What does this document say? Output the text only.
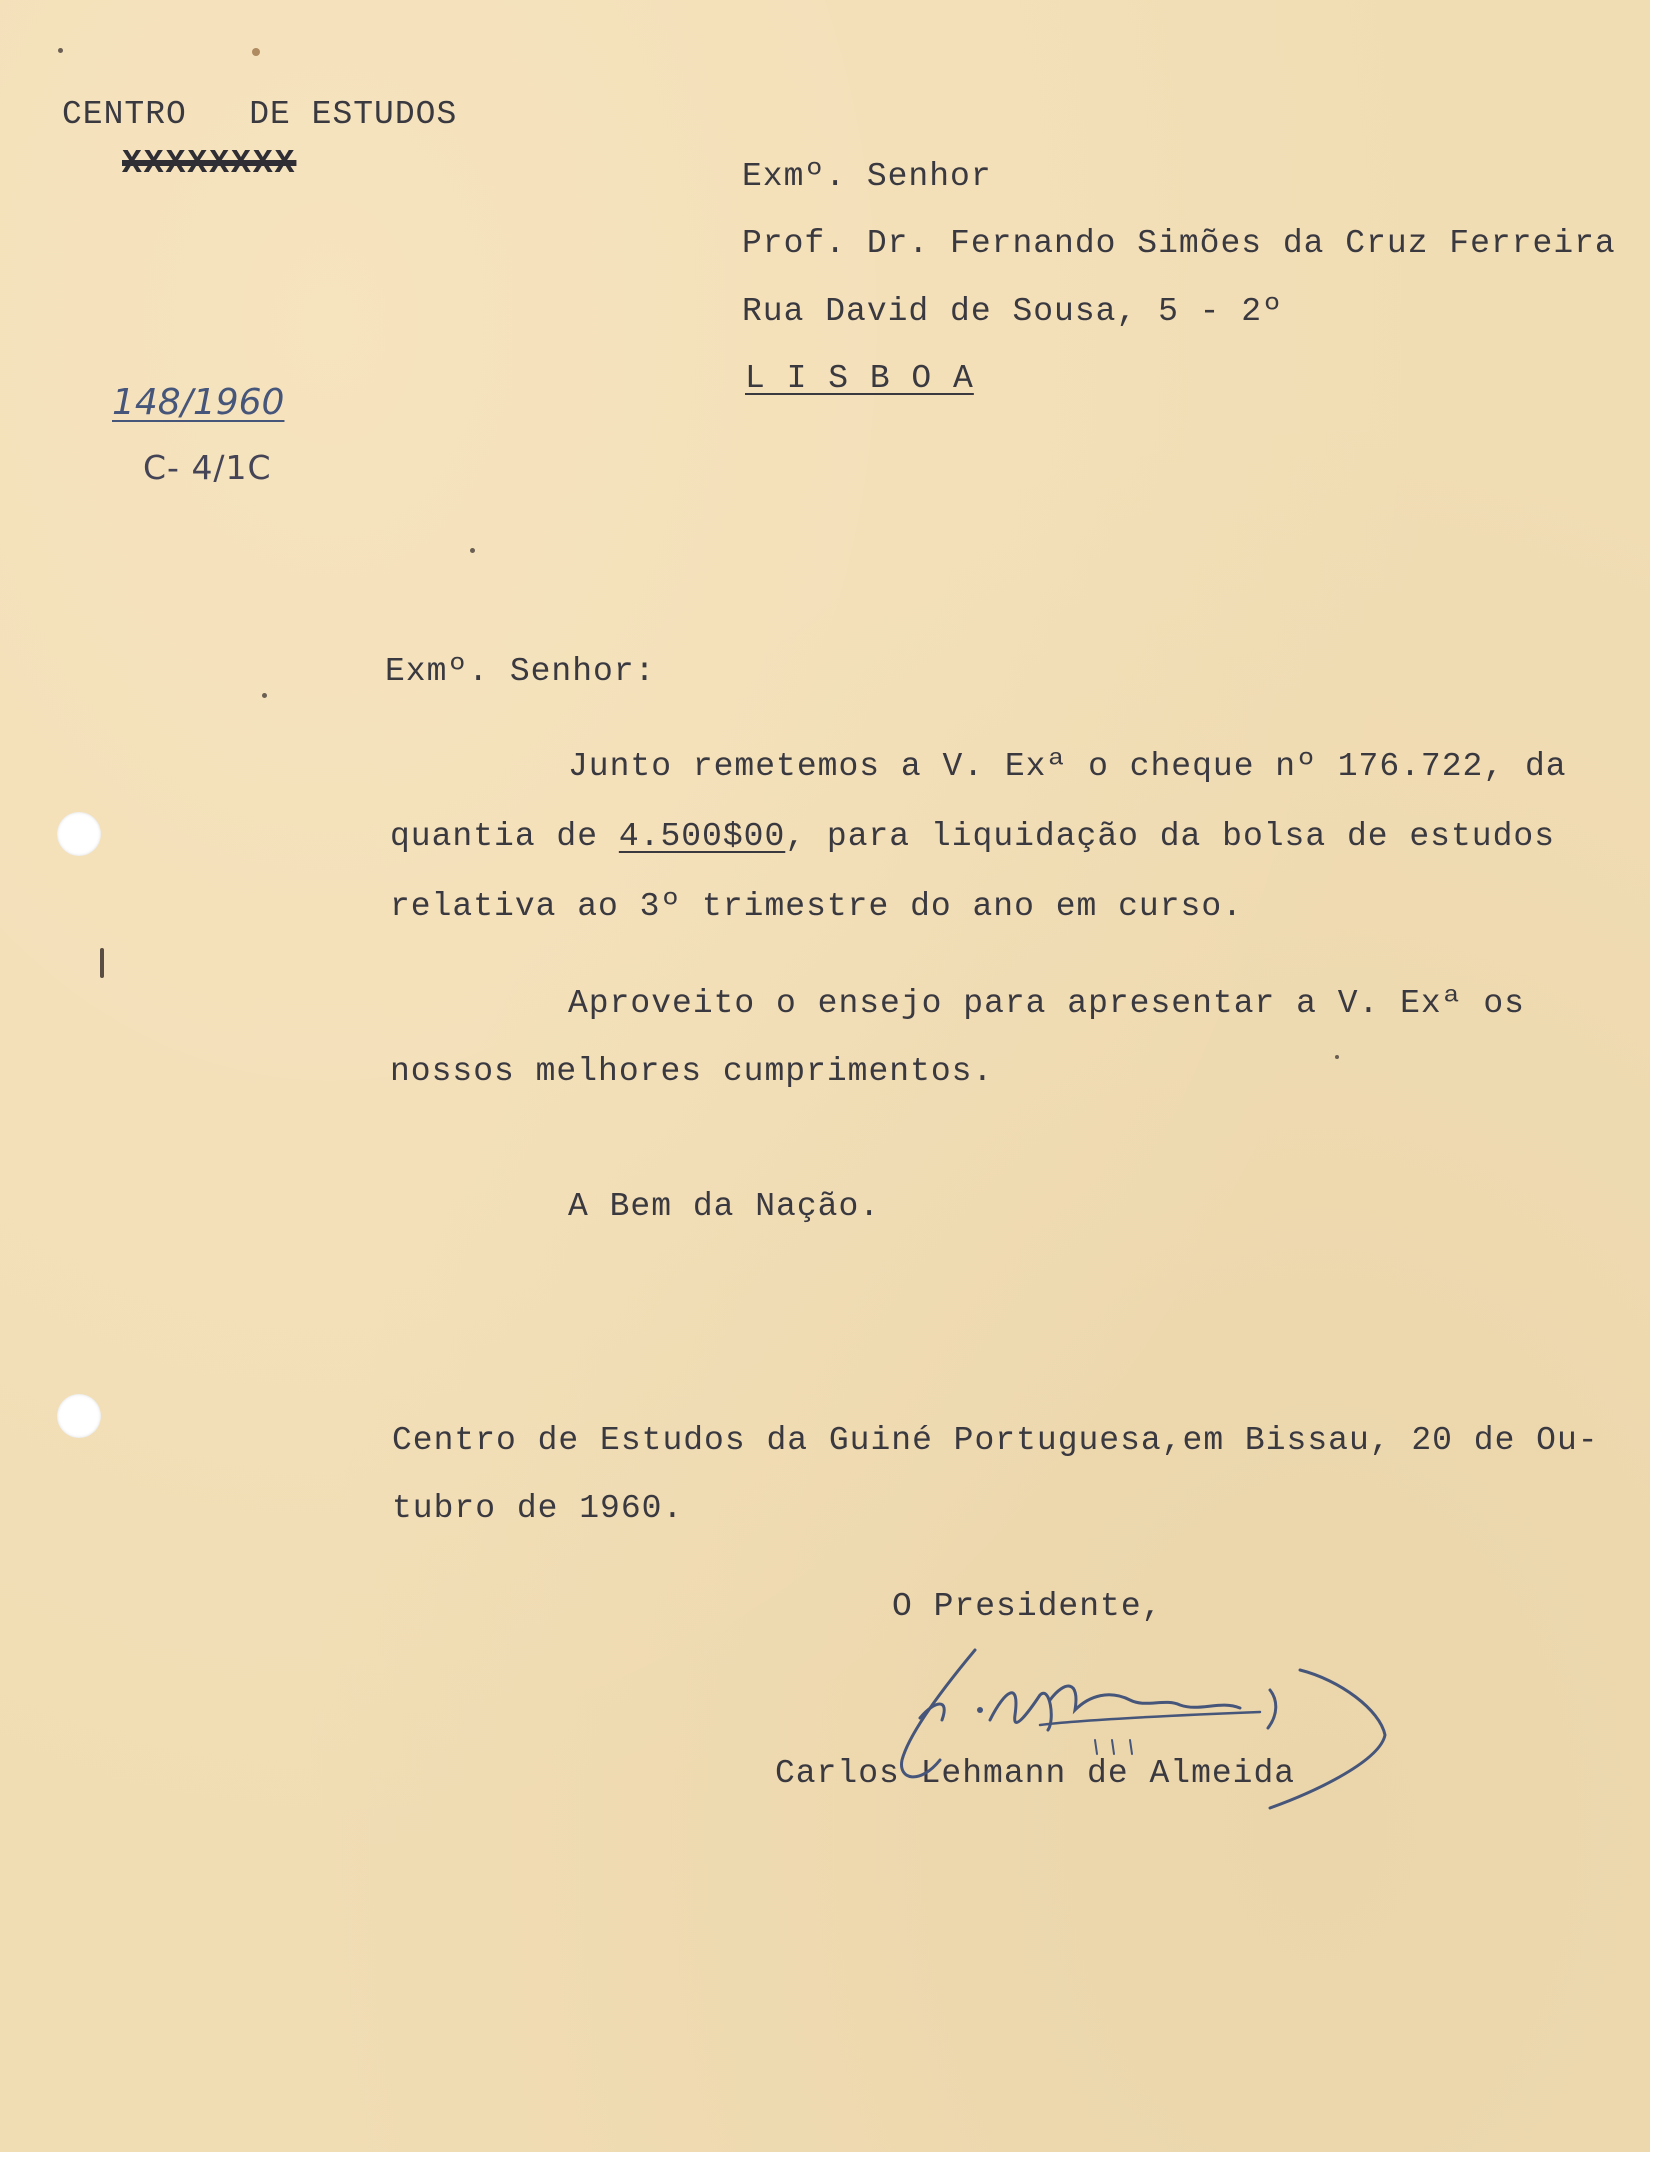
CENTRO   DE ESTUDOS
XXXXXXXX
148/1960
C- 4/1C
Exmº. Senhor
Prof. Dr. Fernando Simões da Cruz Ferreira
Rua David de Sousa, 5 - 2º
L I S B O A
Exmº. Senhor:
Junto remetemos a V. Exª o cheque nº 176.722, da
quantia de 4.500$00, para liquidação da bolsa de estudos
relativa ao 3º trimestre do ano em curso.
Aproveito o ensejo para apresentar a V. Exª os
nossos melhores cumprimentos.
A Bem da Nação.
Centro de Estudos da Guiné Portuguesa,em Bissau, 20 de Ou-
tubro de 1960.
O Presidente,
Carlos Lehmann de Almeida
